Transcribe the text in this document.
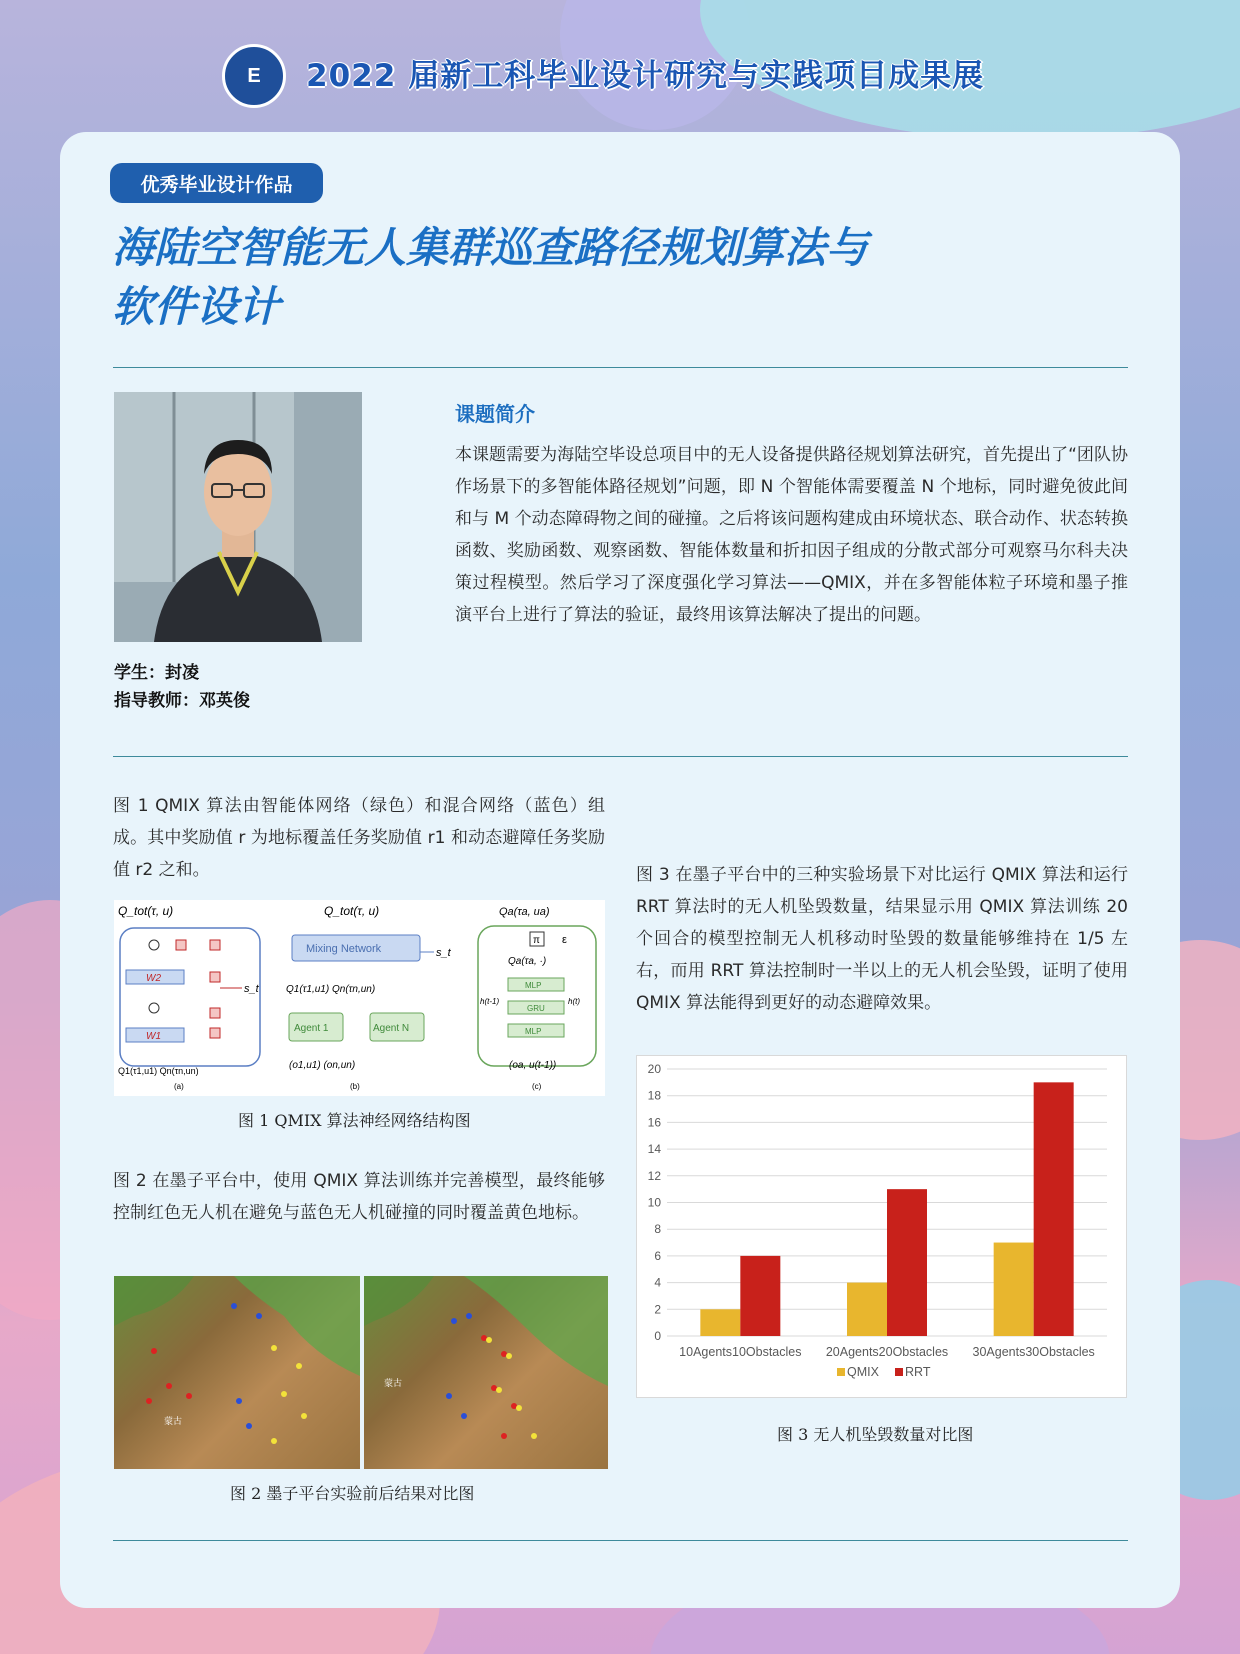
E 2022 届新工科毕业设计研究与实践项目成果展
优秀毕业设计作品
海陆空智能无人集群巡查路径规划算法与
软件设计
学生：封凌
指导教师：邓英俊
课题简介
本课题需要为海陆空毕设总项目中的无人设备提供路径规划算法研究，首先提出了“团队协作场景下的多智能体路径规划”问题，即 N 个智能体需要覆盖 N 个地标，同时避免彼此间和与 M 个动态障碍物之间的碰撞。之后将该问题构建成由环境状态、联合动作、状态转换函数、奖励函数、观察函数、智能体数量和折扣因子组成的分散式部分可观察马尔科夫决策过程模型。然后学习了深度强化学习算法——QMIX，并在多智能体粒子环境和墨子推演平台上进行了算法的验证，最终用该算法解决了提出的问题。
图 1 QMIX 算法由智能体网络（绿色）和混合网络（蓝色）组成。其中奖励值 r 为地标覆盖任务奖励值 r1 和动态避障任务奖励值 r2 之和。
Q_tot(τ, u)
W2
W1
s_t
Q1(τ1,u1) Qn(τn,un)
(a)
Q_tot(τ, u)
Mixing Network	s_t
Q1(τ1,u1) Qn(τn,un)
Agent 1	Agent N
(o1,u1) (on,un)
(b)
Qa(τa, ua)
π ε
Qa(τa, ·)
MLP
GRU
MLP
h(t-1)	h(t)
(oa, u(t-1))
(c)
图 1 QMIX 算法神经网络结构图
图 2 在墨子平台中，使用 QMIX 算法训练并完善模型，最终能够控制红色无人机在避免与蓝色无人机碰撞的同时覆盖黄色地标。
蒙古
蒙古
图 2 墨子平台实验前后结果对比图
图 3 在墨子平台中的三种实验场景下对比运行 QMIX 算法和运行 RRT 算法时的无人机坠毁数量，结果显示用 QMIX 算法训练 20 个回合的模型控制无人机移动时坠毁的数量能够维持在 1/5 左右，而用 RRT 算法控制时一半以上的无人机会坠毁，证明了使用 QMIX 算法能得到更好的动态避障效果。
0
2
4
6
8
10
12
14
16
18
20
10Agents10Obstacles 20Agents20Obstacles 30Agents30Obstacles
QMIX RRT
图 3 无人机坠毁数量对比图
